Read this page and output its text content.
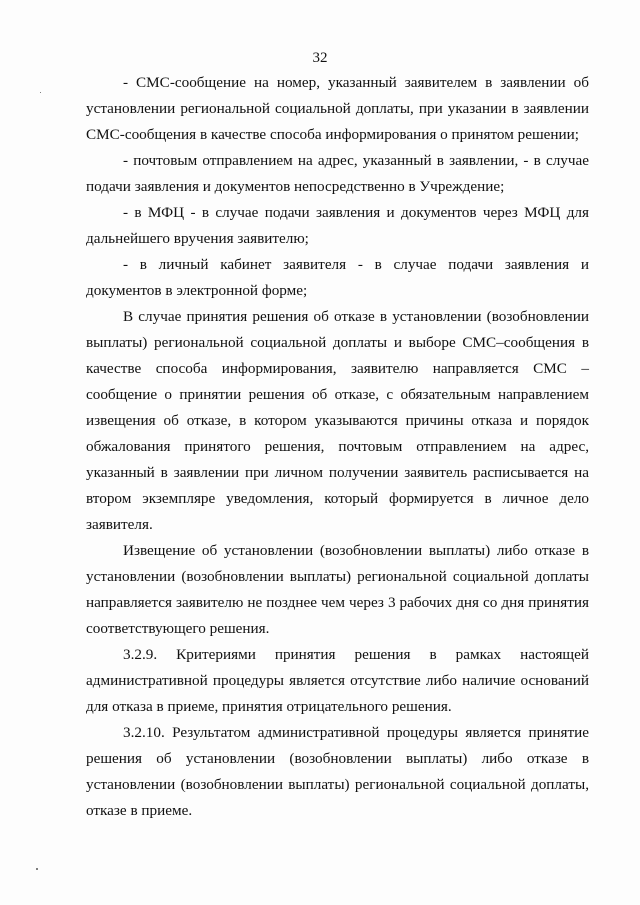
32

- СМС-сообщение на номер, указанный заявителем в заявлении об установлении региональной социальной доплаты, при указании в заявлении СМС-сообщения в качестве способа информирования о принятом решении;

- почтовым отправлением на адрес, указанный в заявлении, - в случае подачи заявления и документов непосредственно в Учреждение;

- в МФЦ - в случае подачи заявления и документов через МФЦ для дальнейшего вручения заявителю;

- в личный кабинет заявителя - в случае подачи заявления и документов в электронной форме;

В случае принятия решения об отказе в установлении (возобновлении выплаты) региональной социальной доплаты и выборе СМС–сообщения в качестве способа информирования, заявителю направляется СМС – сообщение о принятии решения об отказе, с обязательным направлением извещения об отказе, в котором указываются причины отказа и порядок обжалования принятого решения, почтовым отправлением на адрес, указанный в заявлении при личном получении заявитель расписывается на втором экземпляре уведомления, который формируется в личное дело заявителя.

Извещение об установлении (возобновлении выплаты) либо отказе в установлении (возобновлении выплаты) региональной социальной доплаты направляется заявителю не позднее чем через 3 рабочих дня со дня принятия соответствующего решения.

3.2.9. Критериями принятия решения в рамках настоящей административной процедуры является отсутствие либо наличие оснований для отказа в приеме, принятия отрицательного решения.

3.2.10. Результатом административной процедуры является принятие решения об установлении (возобновлении выплаты) либо отказе в установлении (возобновлении выплаты) региональной социальной доплаты, отказе в приеме.
